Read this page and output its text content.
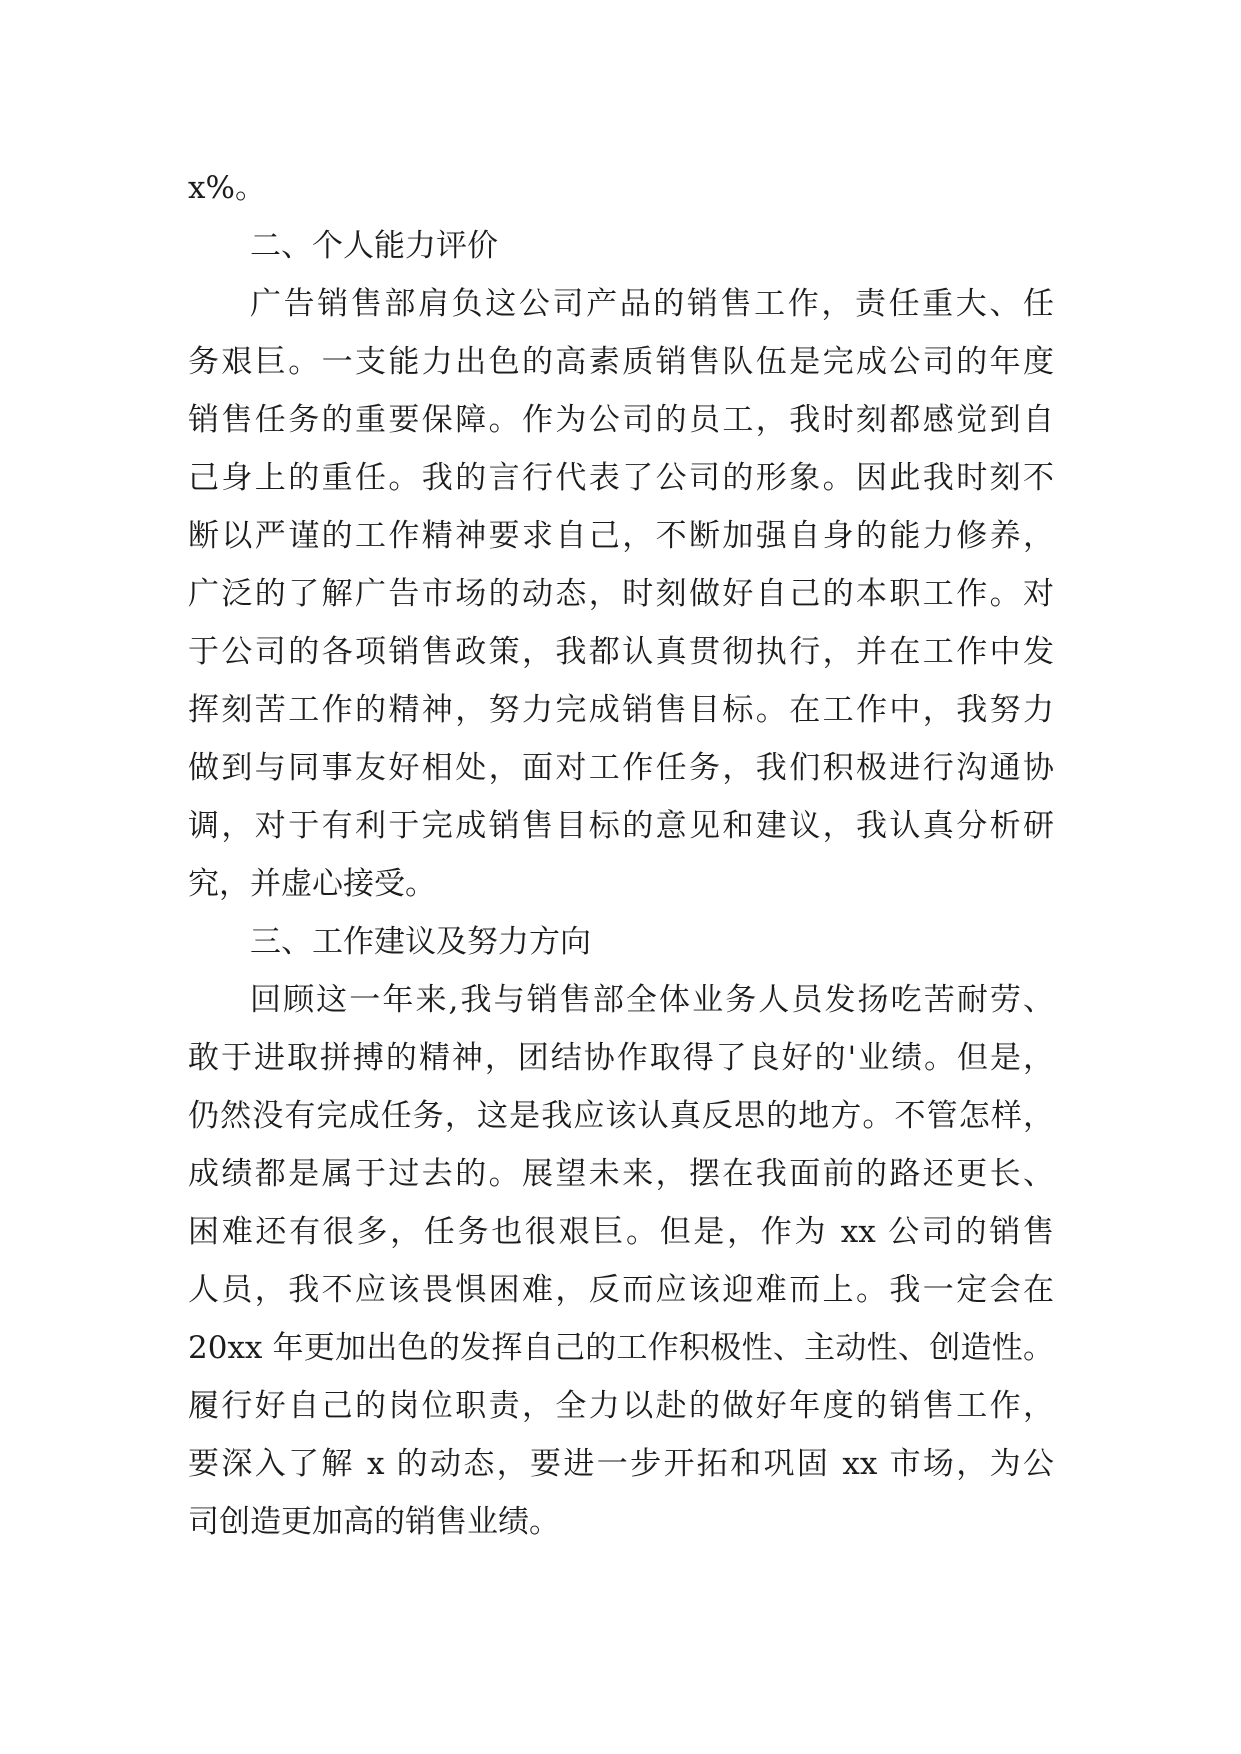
x%。
二、个人能力评价
广告销售部肩负这公司产品的销售工作，责任重大、任
务艰巨。一支能力出色的高素质销售队伍是完成公司的年度
销售任务的重要保障。作为公司的员工，我时刻都感觉到自
己身上的重任。我的言行代表了公司的形象。因此我时刻不
断以严谨的工作精神要求自己，不断加强自身的能力修养，
广泛的了解广告市场的动态，时刻做好自己的本职工作。对
于公司的各项销售政策，我都认真贯彻执行，并在工作中发
挥刻苦工作的精神，努力完成销售目标。在工作中，我努力
做到与同事友好相处，面对工作任务，我们积极进行沟通协
调，对于有利于完成销售目标的意见和建议，我认真分析研
究，并虚心接受。
三、工作建议及努力方向
回顾这一年来,我与销售部全体业务人员发扬吃苦耐劳、
敢于进取拼搏的精神，团结协作取得了良好的'业绩。但是，
仍然没有完成任务，这是我应该认真反思的地方。不管怎样，
成绩都是属于过去的。展望未来，摆在我面前的路还更长、
困难还有很多，任务也很艰巨。但是，作为 xx 公司的销售
人员，我不应该畏惧困难，反而应该迎难而上。我一定会在
20xx 年更加出色的发挥自己的工作积极性、主动性、创造性。
履行好自己的岗位职责，全力以赴的做好年度的销售工作，
要深入了解 x 的动态，要进一步开拓和巩固 xx 市场，为公
司创造更加高的销售业绩。
